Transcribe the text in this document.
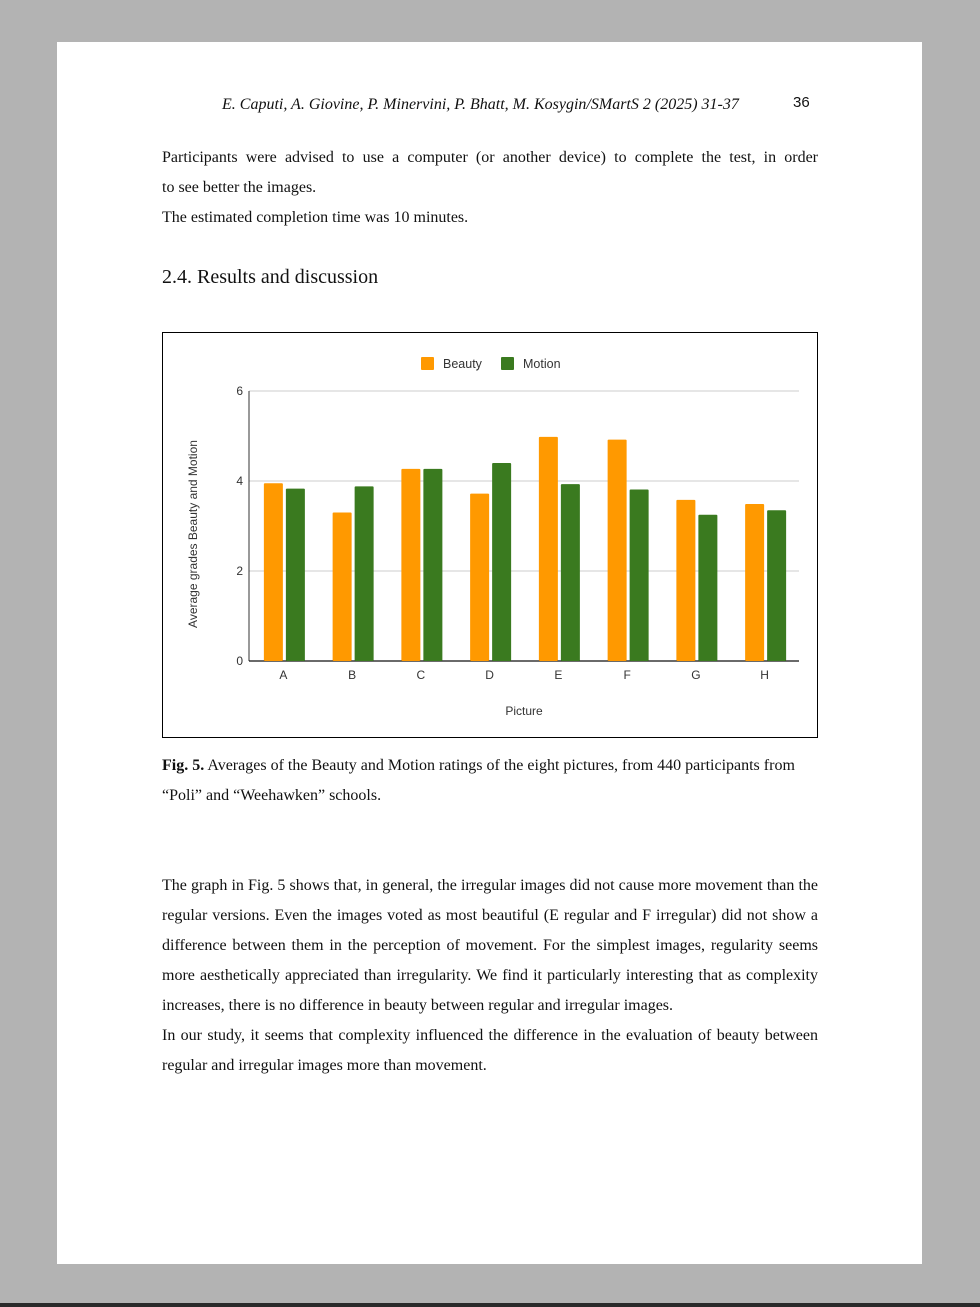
E. Caputi, A. Giovine, P. Minervini, P. Bhatt, M. Kosygin/SMartS 2 (2025) 31-37	36

Participants were advised to use a computer (or another device) to complete the test, in order

to see better the images.

The estimated completion time was 10 minutes.

2.4. Results and discussion
0
2
4
6
A	B	C	D	E	F	G	H
Picture
Average grades Beauty and Motion
Beauty	Motion
Fig. 5. Averages of the Beauty and Motion ratings of the eight pictures, from 440 participants from “Poli” and “Weehawken” schools.

The graph in Fig. 5 shows that, in general, the irregular images did not cause more movement than the regular versions. Even the images voted as most beautiful (E regular and F irregular) did not show a difference between them in the perception of movement. For the simplest images, regularity seems more aesthetically appreciated than irregularity. We find it particularly interesting that as complexity increases, there is no difference in beauty between regular and irregular images.

In our study, it seems that complexity influenced the difference in the evaluation of beauty between regular and irregular images more than movement.
